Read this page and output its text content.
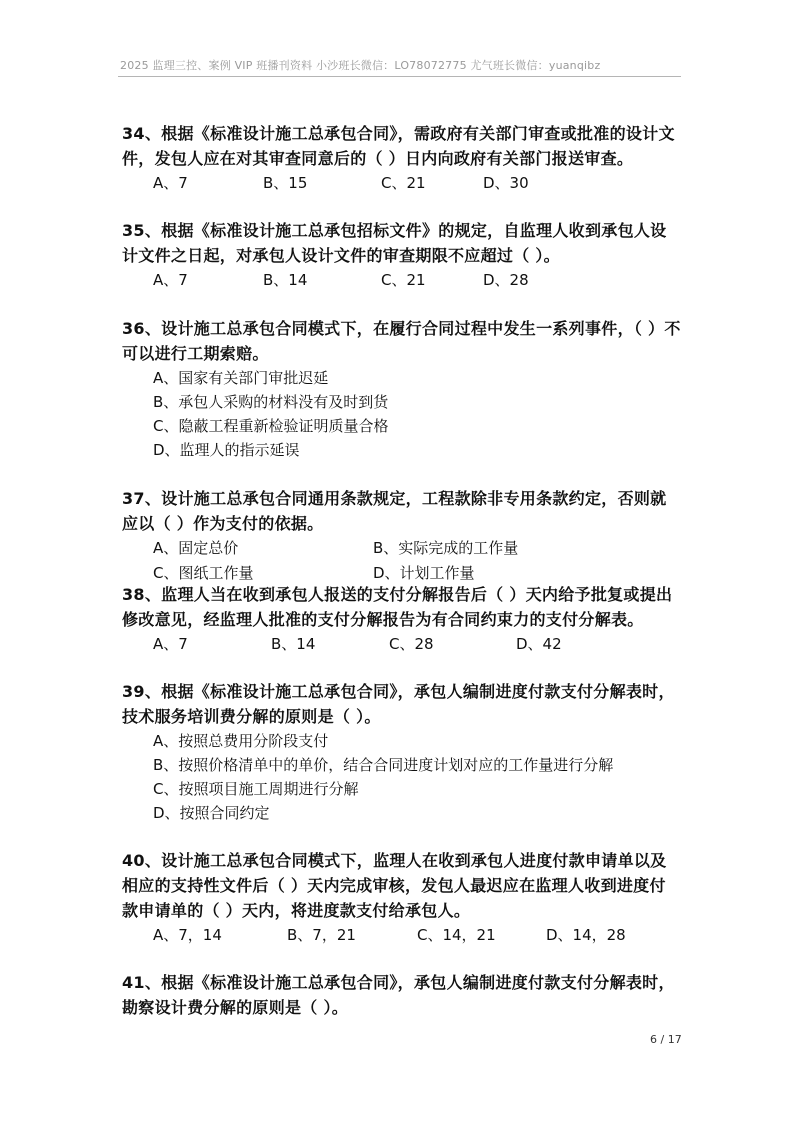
2025 监理三控、案例 VIP 班播刊资料 小沙班长微信：LO78072775 尤气班长微信：yuanqibz

34、根据《标准设计施工总承包合同》，需政府有关部门审查或批准的设计文件，发包人应在对其审查同意后的（ ）日内向政府有关部门报送审查。

A、7	B、15	C、21	D、30

35、根据《标准设计施工总承包招标文件》的规定，自监理人收到承包人设计文件之日起，对承包人设计文件的审查期限不应超过（ ）。

A、7	B、14	C、21	D、28

36、设计施工总承包合同模式下，在履行合同过程中发生一系列事件，（ ）不可以进行工期索赔。

A、国家有关部门审批迟延
B、承包人采购的材料没有及时到货
C、隐蔽工程重新检验证明质量合格
D、监理人的指示延误

37、设计施工总承包合同通用条款规定，工程款除非专用条款约定，否则就应以（ ）作为支付的依据。

A、固定总价	B、实际完成的工作量
C、图纸工作量	D、计划工作量

38、监理人当在收到承包人报送的支付分解报告后（ ）天内给予批复或提出修改意见，经监理人批准的支付分解报告为有合同约束力的支付分解表。

A、7	B、14	C、28	D、42

39、根据《标准设计施工总承包合同》，承包人编制进度付款支付分解表时，技术服务培训费分解的原则是（ ）。

A、按照总费用分阶段支付
B、按照价格清单中的单价，结合合同进度计划对应的工作量进行分解
C、按照项目施工周期进行分解
D、按照合同约定

40、设计施工总承包合同模式下，监理人在收到承包人进度付款申请单以及相应的支持性文件后（ ）天内完成审核，发包人最迟应在监理人收到进度付款申请单的（ ）天内，将进度款支付给承包人。

A、7，14	B、7，21	C、14，21	D、14，28

41、根据《标准设计施工总承包合同》，承包人编制进度付款支付分解表时，勘察设计费分解的原则是（ ）。

6 / 17
